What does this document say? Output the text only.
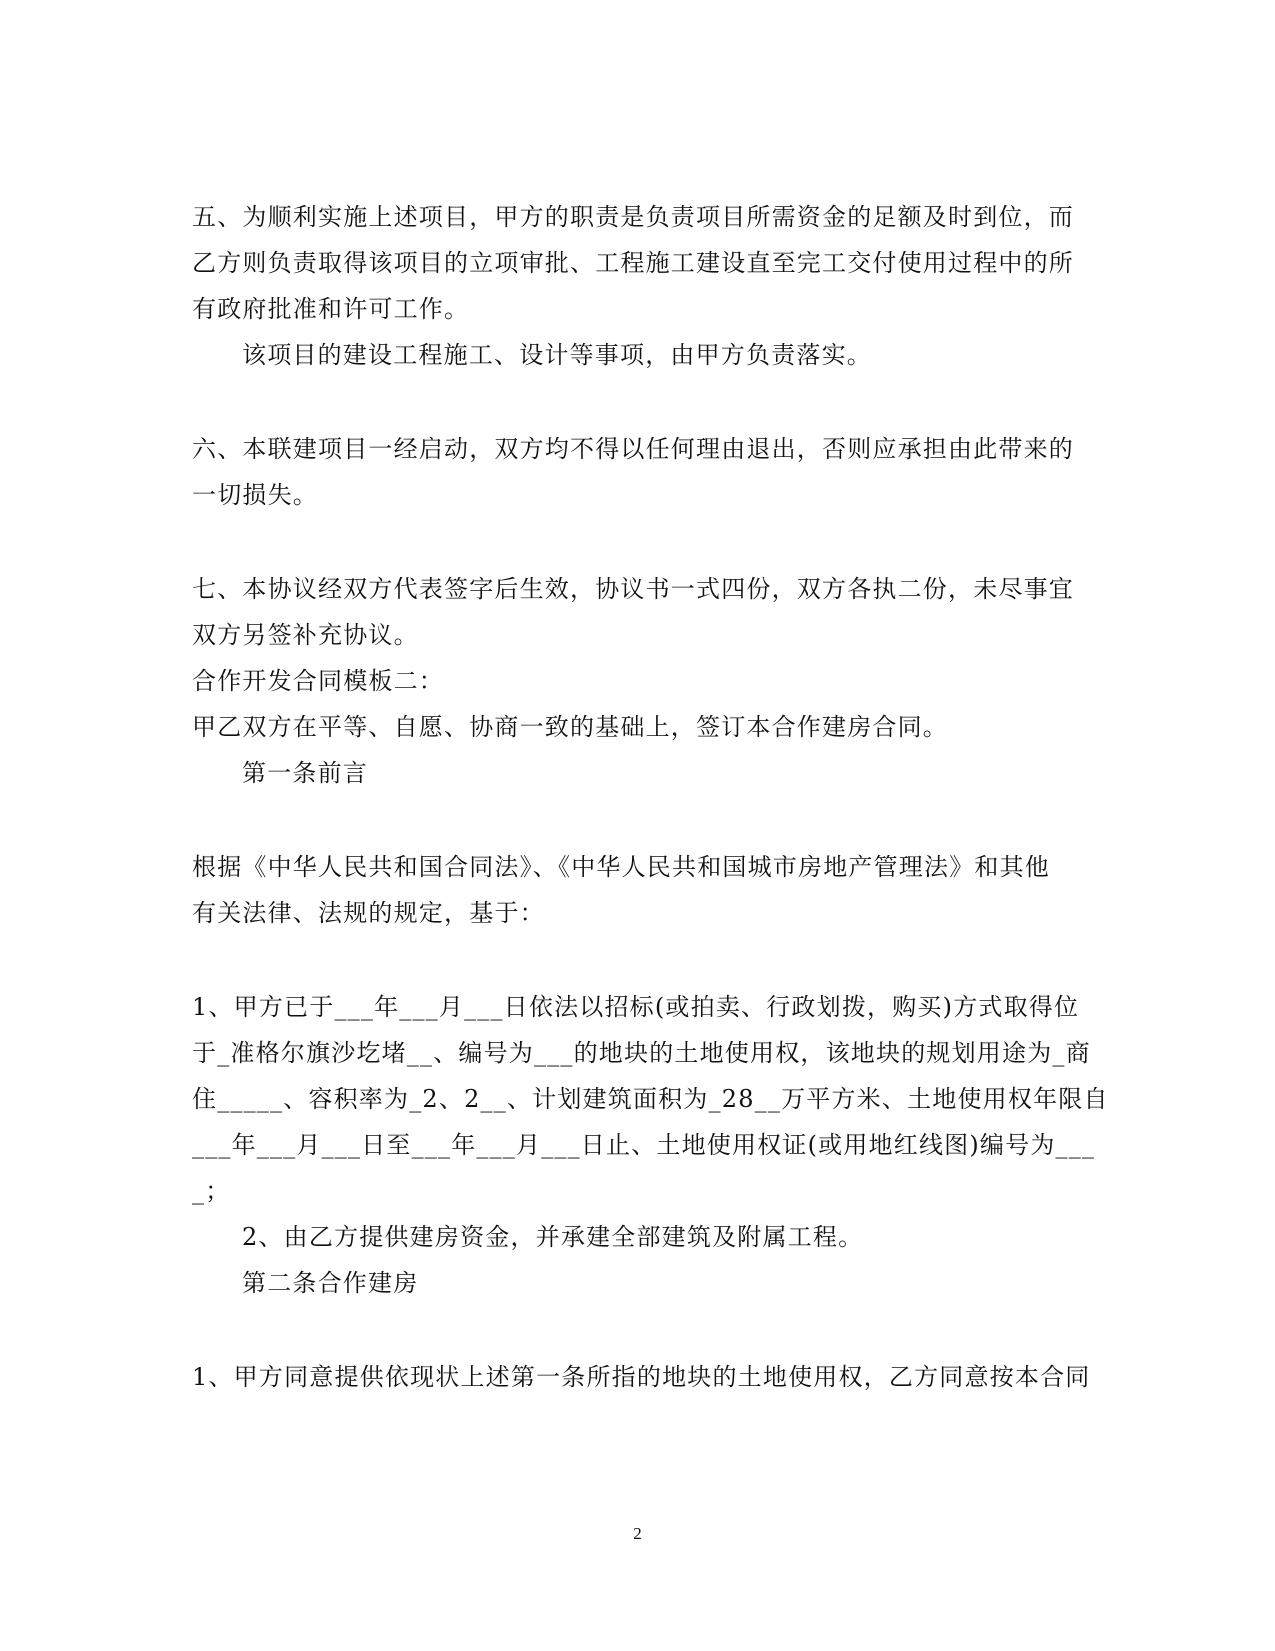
五、为顺利实施上述项目，甲方的职责是负责项目所需资金的足额及时到位，而
乙方则负责取得该项目的立项审批、工程施工建设直至完工交付使用过程中的所
有政府批准和许可工作。
该项目的建设工程施工、设计等事项，由甲方负责落实。
六、本联建项目一经启动，双方均不得以任何理由退出，否则应承担由此带来的
一切损失。
七、本协议经双方代表签字后生效，协议书一式四份，双方各执二份，未尽事宜
双方另签补充协议。
合作开发合同模板二：
甲乙双方在平等、自愿、协商一致的基础上，签订本合作建房合同。
第一条前言
根据《中华人民共和国合同法》、《中华人民共和国城市房地产管理法》和其他
有关法律、法规的规定，基于：
1、甲方已于___年___月___日依法以招标(或拍卖、行政划拨，购买)方式取得位
于_准格尔旗沙圪堵__、编号为___的地块的土地使用权，该地块的规划用途为_商
住_____、容积率为_2、2__、计划建筑面积为_28__万平方米、土地使用权年限自
___年___月___日至___年___月___日止、土地使用权证(或用地红线图)编号为___
_；
2、由乙方提供建房资金，并承建全部建筑及附属工程。
第二条合作建房
1、甲方同意提供依现状上述第一条所指的地块的土地使用权，乙方同意按本合同
2
